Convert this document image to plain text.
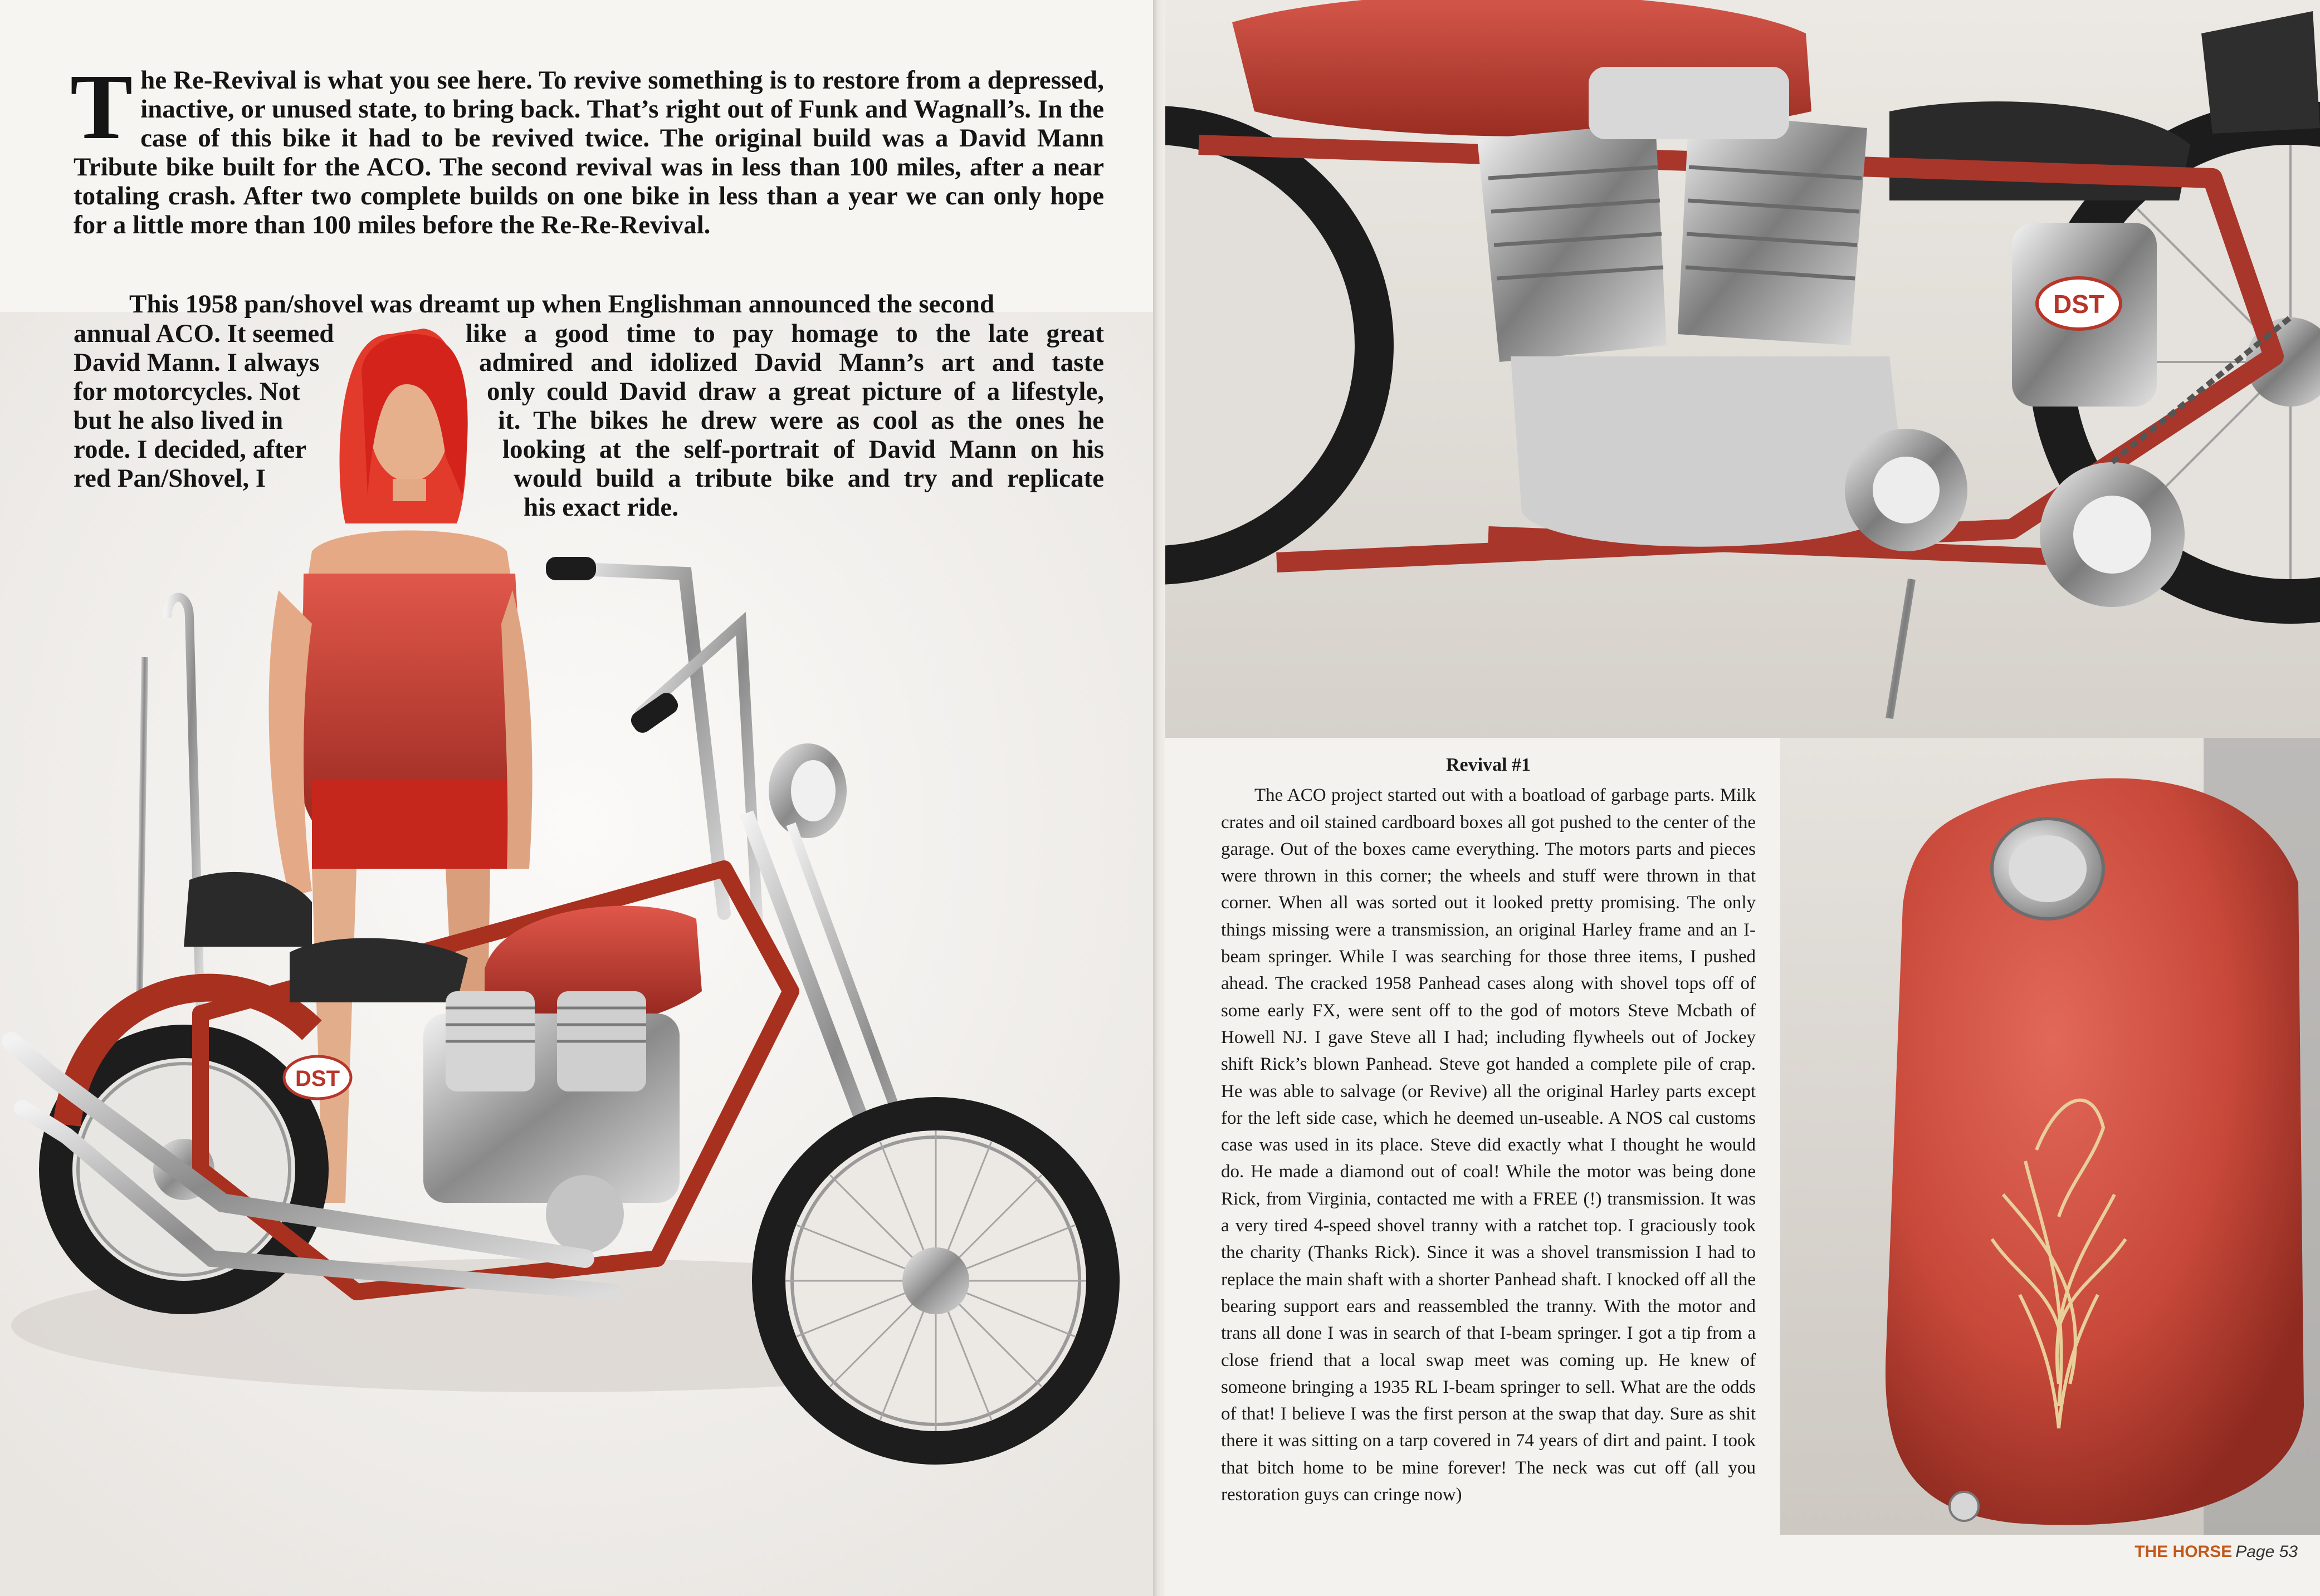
DST
T he Re-Revival is what you see here. To revive something is to restore from a depressed, inactive, or unused state, to bring back. That’s right out of Funk and Wagnall’s. In the case of this bike it had to be revived twice. The original build was a David Mann Tribute bike built for the ACO. The second revival was in less than 100 miles, after a near totaling crash. After two complete builds on one bike in less than a year we can only hope for a little more than 100 miles before the Re-Re-Revival.

This 1958 pan/shovel was dreamt up when Englishman announced the second

annual ACO. It seemed	like a good time to pay homage to the late great
David Mann. I always	admired and idolized David Mann’s art and taste
for motorcycles. Not	only could David draw a great picture of a lifestyle,
but he also lived in	it. The bikes he drew were as cool as the ones he
rode. I decided, after	looking at the self-portrait of David Mann on his
red Pan/Shovel, I	would build a tribute bike and try and replicate
his exact ride.
DST
Revival #1

The ACO project started out with a boatload of garbage parts. Milk crates and oil stained cardboard boxes all got pushed to the center of the garage. Out of the boxes came everything. The motors parts and pieces were thrown in this corner; the wheels and stuff were thrown in that corner. When all was sorted out it looked pretty promising. The only things missing were a transmission, an original Harley frame and an I-beam springer. While I was searching for those three items, I pushed ahead. The cracked 1958 Panhead cases along with shovel tops off of some early FX, were sent off to the god of motors Steve Mcbath of Howell NJ. I gave Steve all I had; including flywheels out of Jockey shift Rick’s blown Panhead. Steve got handed a complete pile of crap. He was able to salvage (or Revive) all the original Harley parts except for the left side case, which he deemed un-useable. A NOS cal customs case was used in its place. Steve did exactly what I thought he would do. He made a diamond out of coal! While the motor was being done Rick, from Virginia, contacted me with a FREE (!) transmission. It was a very tired 4-speed shovel tranny with a ratchet top. I graciously took the charity (Thanks Rick). Since it was a shovel transmission I had to replace the main shaft with a shorter Panhead shaft. I knocked off all the bearing support ears and reassembled the tranny. With the motor and trans all done I was in search of that I-beam springer. I got a tip from a close friend that a local swap meet was coming up. He knew of someone bringing a 1935 RL I-beam springer to sell. What are the odds of that! I believe I was the first person at the swap that day. Sure as shit there it was sitting on a tarp covered in 74 years of dirt and paint. I took that bitch home to be mine forever! The neck was cut off (all you restoration guys can cringe now)

THE HORSE Page 53
